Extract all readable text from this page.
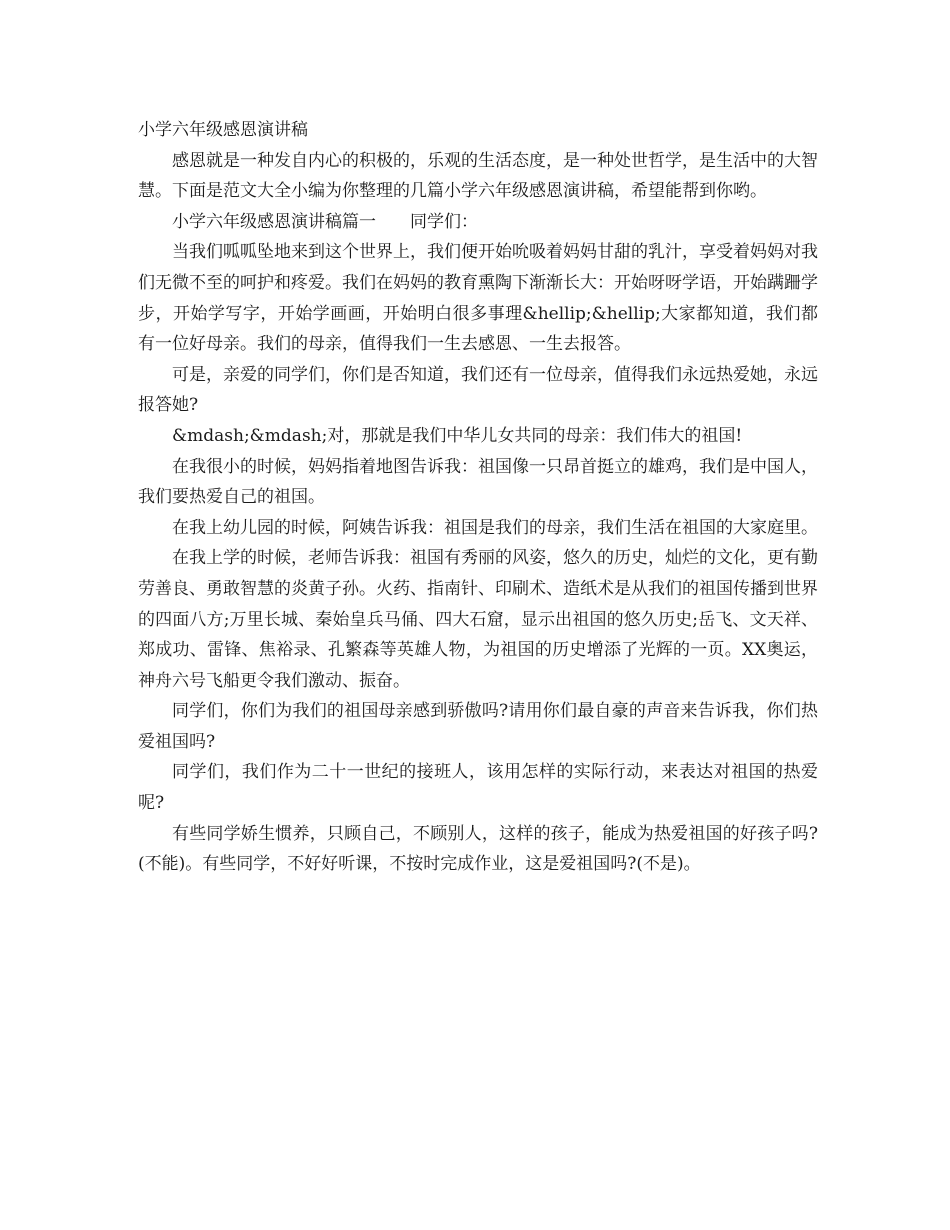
小学六年级感恩演讲稿

感恩就是一种发自内心的积极的，乐观的生活态度，是一种处世哲学，是生活中的大智慧。下面是范文大全小编为你整理的几篇小学六年级感恩演讲稿，希望能帮到你哟。

小学六年级感恩演讲稿篇一 同学们：

当我们呱呱坠地来到这个世界上，我们便开始吮吸着妈妈甘甜的乳汁，享受着妈妈对我们无微不至的呵护和疼爱。我们在妈妈的教育熏陶下渐渐长大：开始呀呀学语，开始蹒跚学步，开始学写字，开始学画画，开始明白很多事理&hellip;&hellip;大家都知道，我们都有一位好母亲。我们的母亲，值得我们一生去感恩、一生去报答。

可是，亲爱的同学们，你们是否知道，我们还有一位母亲，值得我们永远热爱她，永远报答她?

&mdash;&mdash;对，那就是我们中华儿女共同的母亲：我们伟大的祖国!

在我很小的时候，妈妈指着地图告诉我：祖国像一只昂首挺立的雄鸡，我们是中国人，我们要热爱自己的祖国。

在我上幼儿园的时候，阿姨告诉我：祖国是我们的母亲，我们生活在祖国的大家庭里。

在我上学的时候，老师告诉我：祖国有秀丽的风姿，悠久的历史，灿烂的文化，更有勤劳善良、勇敢智慧的炎黄子孙。火药、指南针、印刷术、造纸术是从我们的祖国传播到世界的四面八方;万里长城、秦始皇兵马俑、四大石窟，显示出祖国的悠久历史;岳飞、文天祥、郑成功、雷锋、焦裕录、孔繁森等英雄人物，为祖国的历史增添了光辉的一页。XX奥运，神舟六号飞船更令我们激动、振奋。

同学们，你们为我们的祖国母亲感到骄傲吗?请用你们最自豪的声音来告诉我，你们热爱祖国吗?

同学们，我们作为二十一世纪的接班人，该用怎样的实际行动，来表达对祖国的热爱呢?

有些同学娇生惯养，只顾自己，不顾别人，这样的孩子，能成为热爱祖国的好孩子吗?(不能)。有些同学，不好好听课，不按时完成作业，这是爱祖国吗?(不是)。
